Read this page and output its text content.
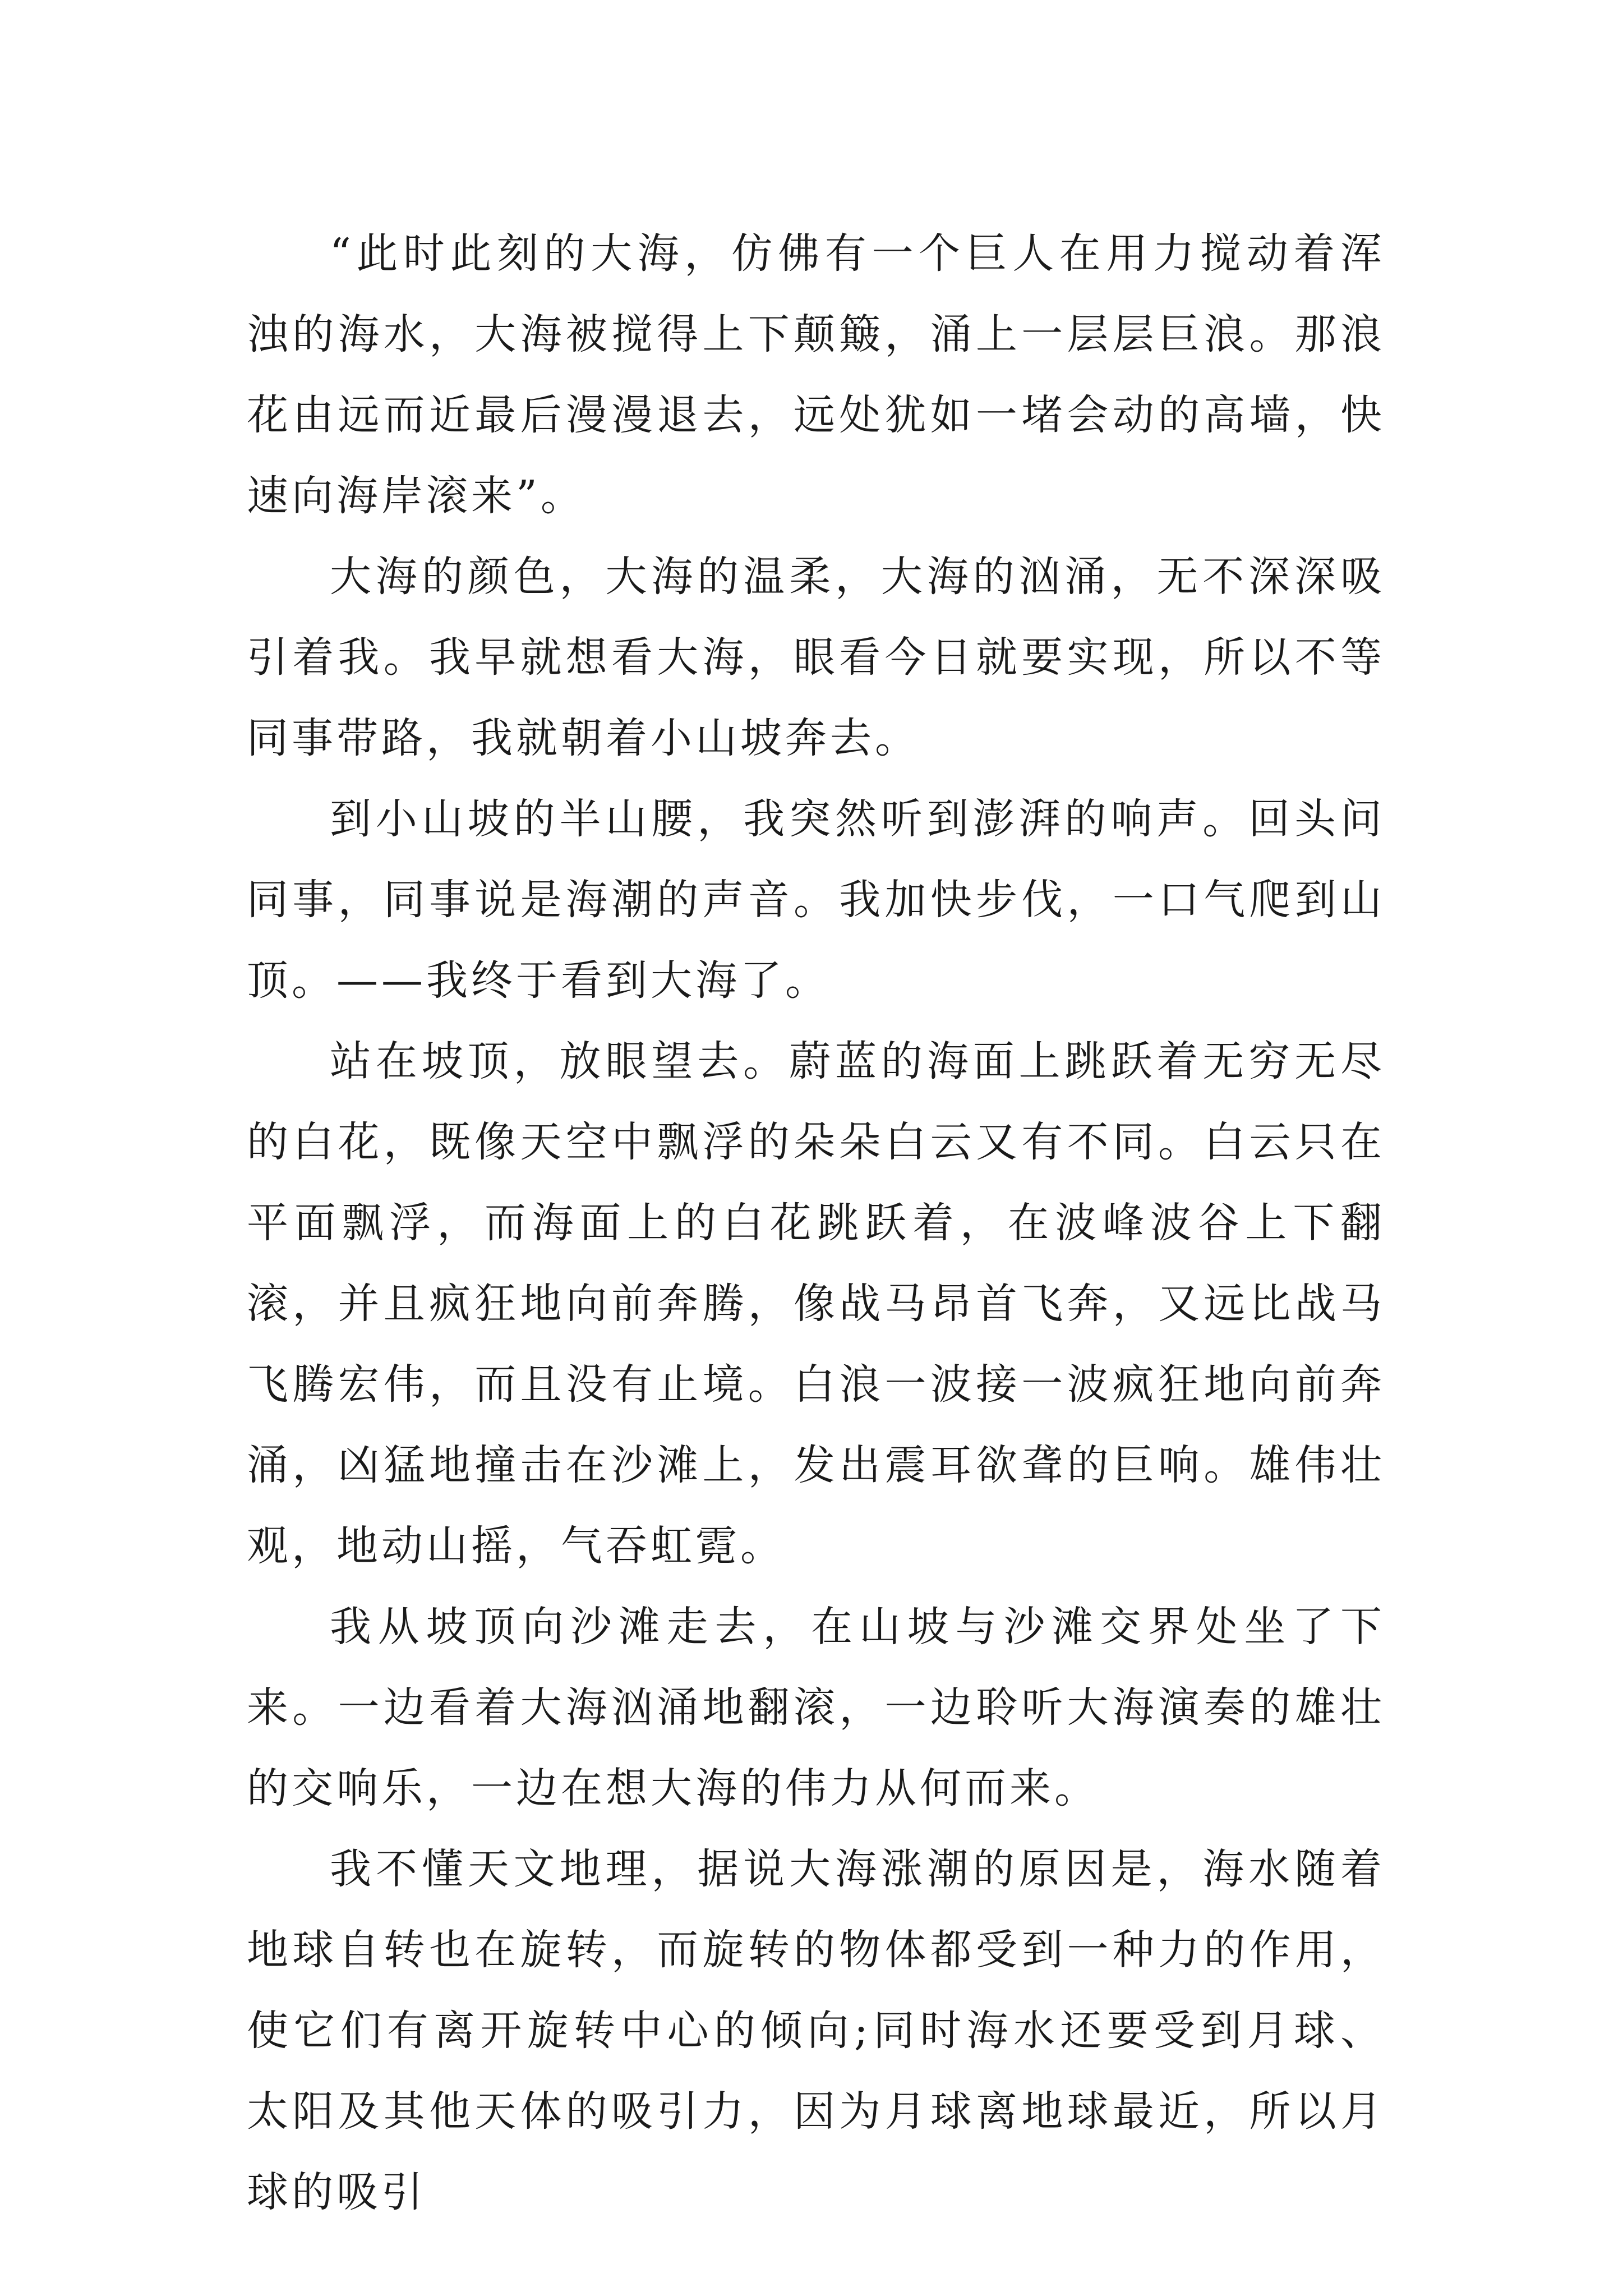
“此时此刻的大海，仿佛有一个巨人在用力搅动着浑浊的海水，大海被搅得上下颠簸，涌上一层层巨浪。那浪花由远而近最后漫漫退去，远处犹如一堵会动的高墙，快速向海岸滚来”。

大海的颜色，大海的温柔，大海的汹涌，无不深深吸引着我。我早就想看大海，眼看今日就要实现，所以不等同事带路，我就朝着小山坡奔去。

到小山坡的半山腰，我突然听到澎湃的响声。回头问同事，同事说是海潮的声音。我加快步伐，一口气爬到山顶。——我终于看到大海了。

站在坡顶，放眼望去。蔚蓝的海面上跳跃着无穷无尽的白花，既像天空中飘浮的朵朵白云又有不同。白云只在平面飘浮，而海面上的白花跳跃着，在波峰波谷上下翻滚，并且疯狂地向前奔腾，像战马昂首飞奔，又远比战马飞腾宏伟，而且没有止境。白浪一波接一波疯狂地向前奔涌，凶猛地撞击在沙滩上，发出震耳欲聋的巨响。雄伟壮观，地动山摇，气吞虹霓。

我从坡顶向沙滩走去，在山坡与沙滩交界处坐了下来。一边看着大海汹涌地翻滚，一边聆听大海演奏的雄壮的交响乐，一边在想大海的伟力从何而来。

我不懂天文地理，据说大海涨潮的原因是，海水随着地球自转也在旋转，而旋转的物体都受到一种力的作用，使它们有离开旋转中心的倾向;同时海水还要受到月球、太阳及其他天体的吸引力，因为月球离地球最近，所以月球的吸引
